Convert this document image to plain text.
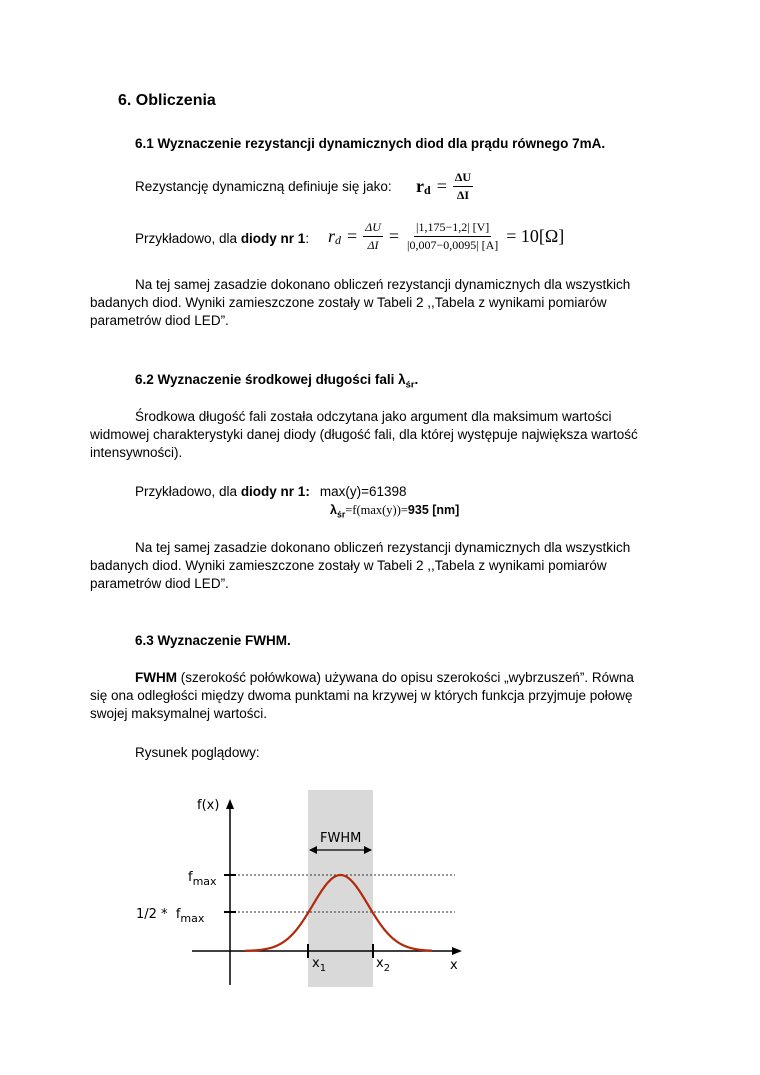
6. Obliczenia
6.1 Wyznaczenie rezystancji dynamicznych diod dla prądu równego 7mA.
Rezystancję dynamiczną definiuje się jako: $r_d = \frac{\Delta U}{\Delta I}$
Przykładowo, dla diody nr 1: $r_d = \frac{\Delta U}{\Delta I} = \frac{|1,175-1,2| [V]}{|0,007-0,0095| [A]} = 10[\Omega]$
Na tej samej zasadzie dokonano obliczeń rezystancji dynamicznych dla wszystkich
badanych diod. Wyniki zamieszczone zostały w Tabeli 2 ,,Tabela z wynikami pomiarów
parametrów diod LED”.
6.2 Wyznaczenie środkowej długości fali $\lambda_{śr}$.
Środkowa długość fali została odczytana jako argument dla maksimum wartości
widmowej charakterystyki danej diody (długość fali, dla której występuje największa wartość
intensywności).
Przykładowo, dla diody nr 1: max(y)=61398
$\lambda_{śr}=f(\max(y))=935$ [nm]
Na tej samej zasadzie dokonano obliczeń rezystancji dynamicznych dla wszystkich
badanych diod. Wyniki zamieszczone zostały w Tabeli 2 ,,Tabela z wynikami pomiarów
parametrów diod LED”.
6.3 Wyznaczenie FWHM.
FWHM (szerokość połówkowa) używana do opisu szerokości „wybrzuszeń”. Równa
się ona odległości między dwoma punktami na krzywej w których funkcja przyjmuje połowę
swojej maksymalnej wartości.
Rysunek poglądowy:
f(x)
x
FWHM
$f_{max}$
$1/2 * f_{max}$
$x_1$	$x_2$
